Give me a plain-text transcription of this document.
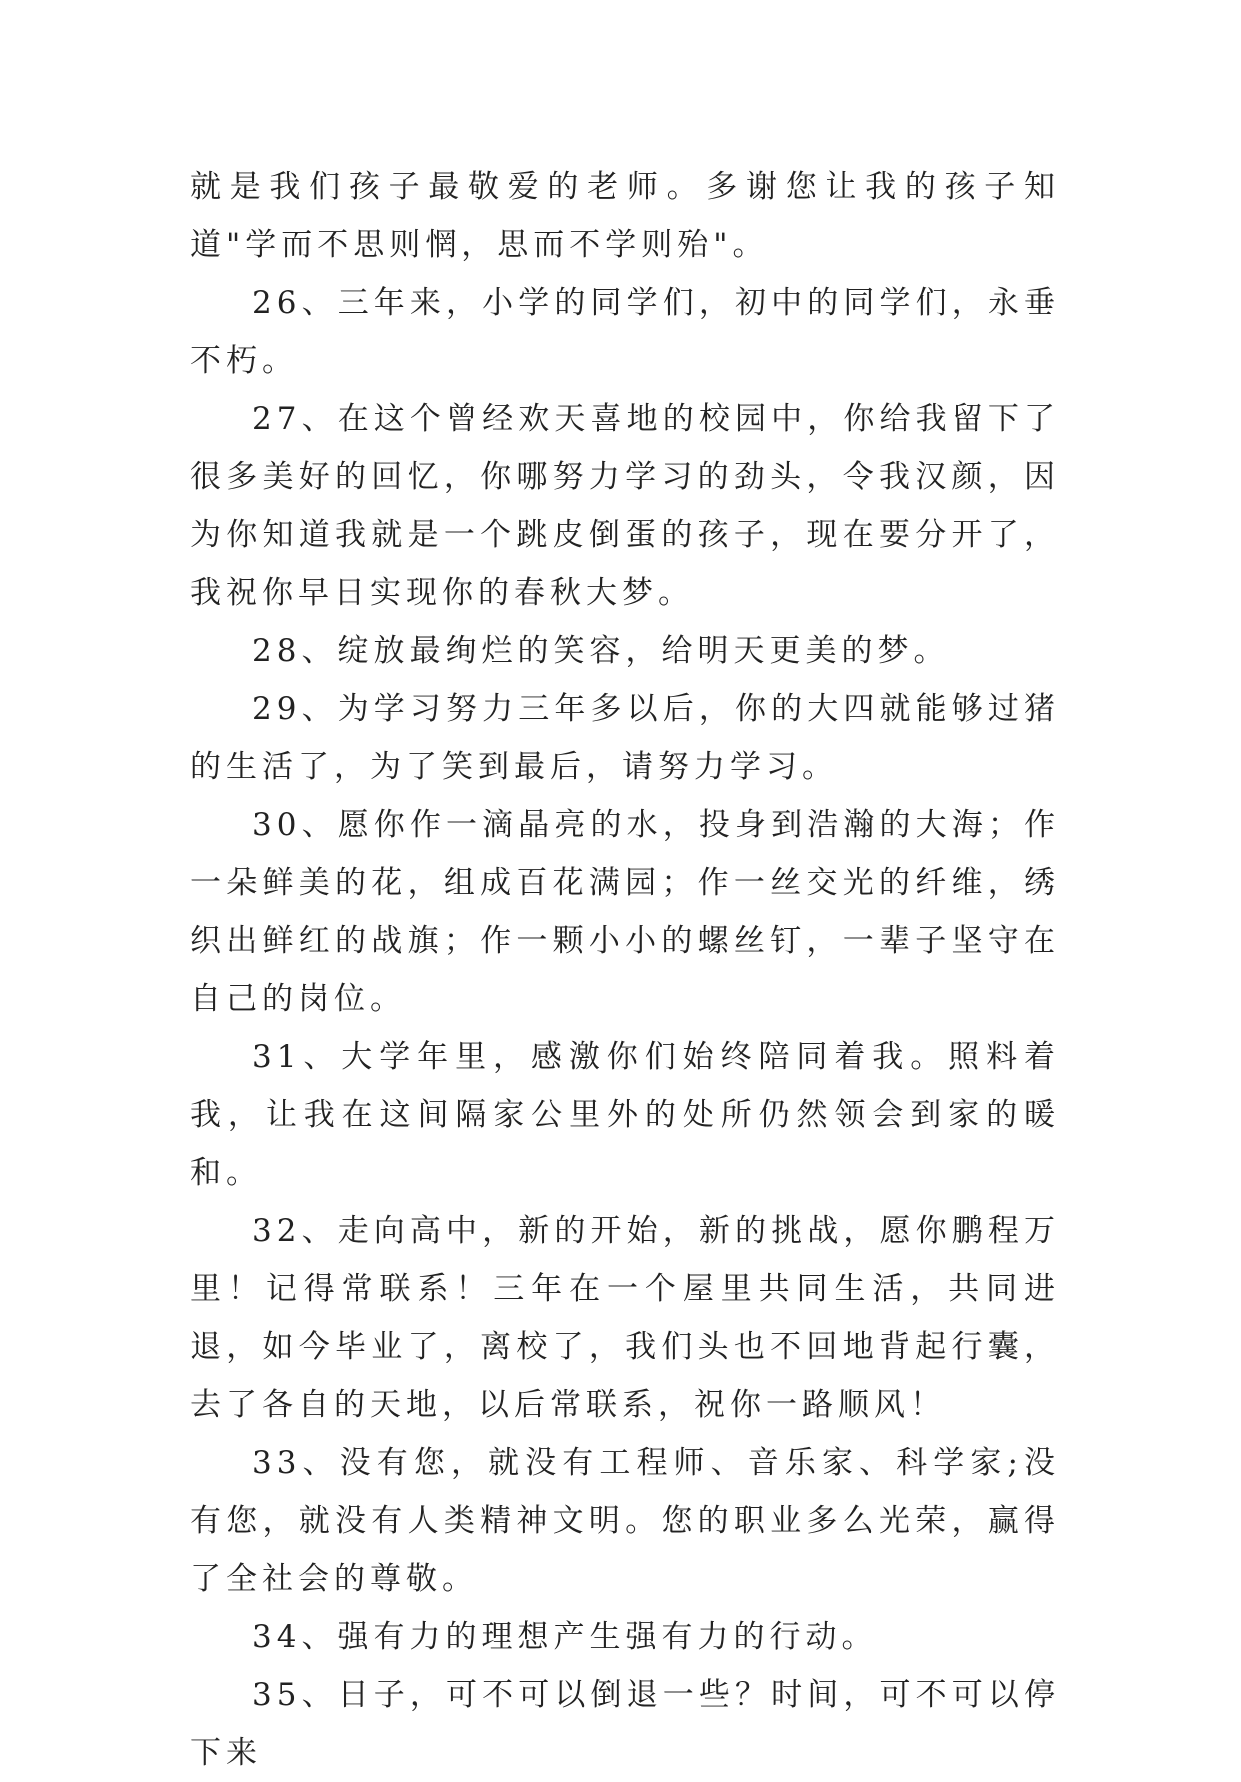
就是我们孩子最敬爱的老师。多谢您让我的孩子知道"学而不思则惘，思而不学则殆"。

26、三年来，小学的同学们，初中的同学们，永垂不朽。

27、在这个曾经欢天喜地的校园中，你给我留下了很多美好的回忆，你哪努力学习的劲头，令我汉颜，因为你知道我就是一个跳皮倒蛋的孩子，现在要分开了，我祝你早日实现你的春秋大梦。

28、绽放最绚烂的笑容，给明天更美的梦。

29、为学习努力三年多以后，你的大四就能够过猪的生活了，为了笑到最后，请努力学习。

30、愿你作一滴晶亮的水，投身到浩瀚的大海；作一朵鲜美的花，组成百花满园；作一丝交光的纤维，绣织出鲜红的战旗；作一颗小小的螺丝钉，一辈子坚守在自己的岗位。

31、大学年里，感激你们始终陪同着我。照料着我，让我在这间隔家公里外的处所仍然领会到家的暖和。

32、走向高中，新的开始，新的挑战，愿你鹏程万里！记得常联系！三年在一个屋里共同生活，共同进退，如今毕业了，离校了，我们头也不回地背起行囊，去了各自的天地，以后常联系，祝你一路顺风！

33、没有您，就没有工程师、音乐家、科学家;没有您，就没有人类精神文明。您的职业多么光荣，赢得了全社会的尊敬。

34、强有力的理想产生强有力的行动。

35、日子，可不可以倒退一些？时间，可不可以停下来
